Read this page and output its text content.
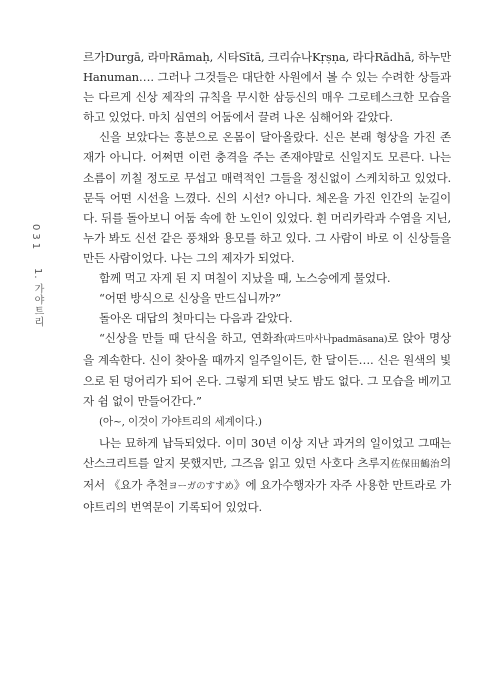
031
1. 가야트리

르가Durgā, 라마Rāmaḥ, 시타Sītā, 크리슈나Kṛṣṇa, 라다Rādhā, 하누만Hanuman…. 그러나 그것들은 대단한 사원에서 볼 수 있는 수려한 상들과는 다르게 신상 제작의 규칙을 무시한 삼등신의 매우 그로테스크한 모습을 하고 있었다. 마치 심연의 어둠에서 끌려 나온 심해어와 같았다.

신을 보았다는 흥분으로 온몸이 달아올랐다. 신은 본래 형상을 가진 존재가 아니다. 어쩌면 이런 충격을 주는 존재야말로 신일지도 모른다. 나는 소름이 끼칠 정도로 무섭고 매력적인 그들을 정신없이 스케치하고 있었다. 문득 어떤 시선을 느꼈다. 신의 시선? 아니다. 체온을 가진 인간의 눈길이다. 뒤를 돌아보니 어둠 속에 한 노인이 있었다. 흰 머리카락과 수염을 지닌, 누가 봐도 신선 같은 풍채와 용모를 하고 있다. 그 사람이 바로 이 신상들을 만든 사람이었다. 나는 그의 제자가 되었다.

함께 먹고 자게 된 지 며칠이 지났을 때, 노스승에게 물었다.

“어떤 방식으로 신상을 만드십니까?”

돌아온 대답의 첫마디는 다음과 같았다.

“신상을 만들 때 단식을 하고, 연화좌(파드마사나padmāsana)로 앉아 명상을 계속한다. 신이 찾아올 때까지 일주일이든, 한 달이든…. 신은 원색의 빛으로 된 덩어리가 되어 온다. 그렇게 되면 낮도 밤도 없다. 그 모습을 베끼고자 쉼 없이 만들어간다.”

(아~, 이것이 가야트리의 세계이다.)

나는 묘하게 납득되었다. 이미 30년 이상 지난 과거의 일이었고 그때는 산스크리트를 알지 못했지만, 그즈음 읽고 있던 사호다 츠루지佐保田鶴治의 저서 《요가 추천ヨーガのすすめ》에 요가수행자가 자주 사용한 만트라로 가야트리의 번역문이 기록되어 있었다.
